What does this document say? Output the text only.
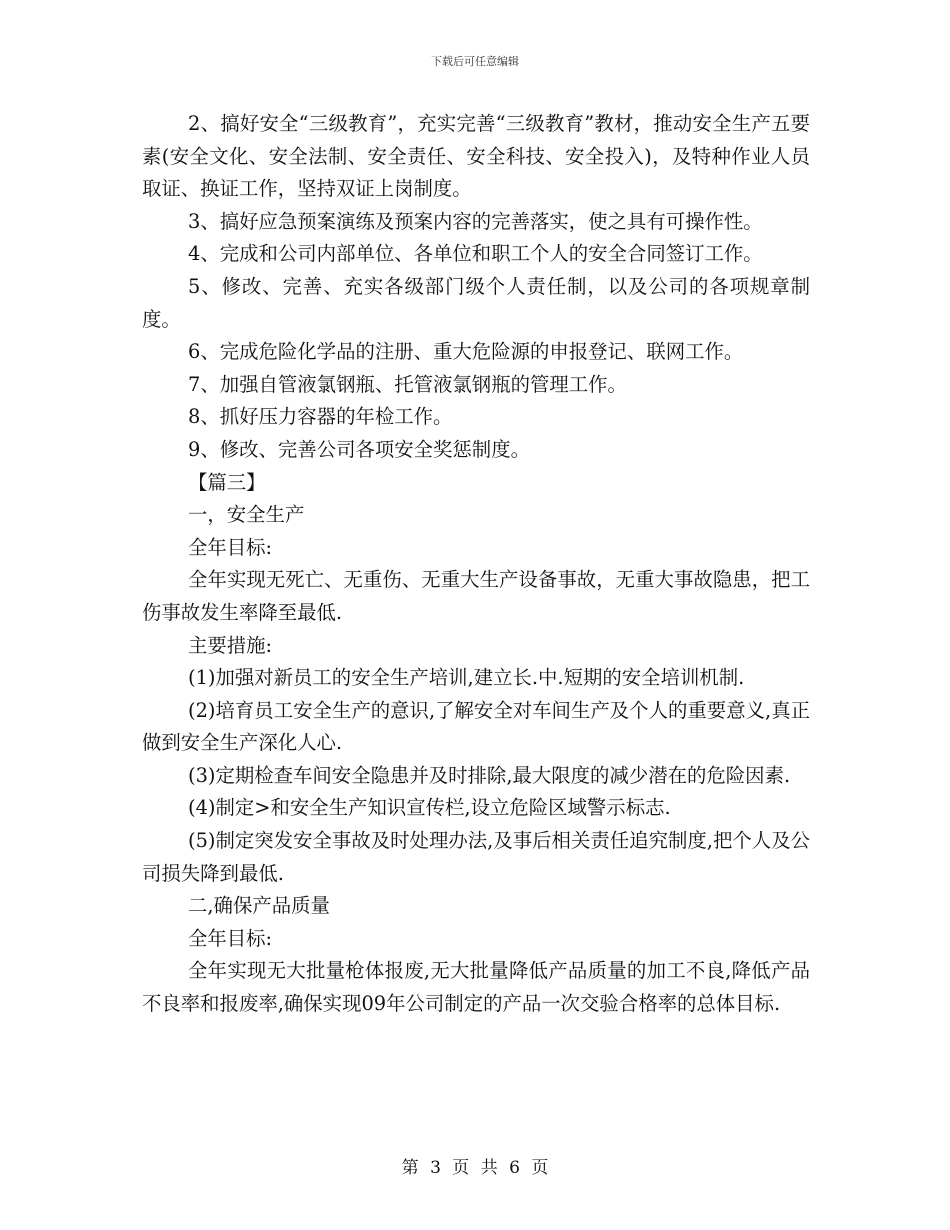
下载后可任意编辑

2、搞好安全“三级教育”，充实完善“三级教育”教材，推动安全生产五要素(安全文化、安全法制、安全责任、安全科技、安全投入)，及特种作业人员取证、换证工作，坚持双证上岗制度。

3、搞好应急预案演练及预案内容的完善落实，使之具有可操作性。

4、完成和公司内部单位、各单位和职工个人的安全合同签订工作。

5、修改、完善、充实各级部门级个人责任制，以及公司的各项规章制度。

6、完成危险化学品的注册、重大危险源的申报登记、联网工作。

7、加强自管液氯钢瓶、托管液氯钢瓶的管理工作。

8、抓好压力容器的年检工作。

9、修改、完善公司各项安全奖惩制度。

【篇三】

一，安全生产

全年目标:

全年实现无死亡、无重伤、无重大生产设备事故，无重大事故隐患，把工伤事故发生率降至最低.

主要措施:

(1)加强对新员工的安全生产培训,建立长.中.短期的安全培训机制.

(2)培育员工安全生产的意识,了解安全对车间生产及个人的重要意义,真正做到安全生产深化人心.

(3)定期检查车间安全隐患并及时排除,最大限度的减少潜在的危险因素.

(4)制定>和安全生产知识宣传栏,设立危险区域警示标志.

(5)制定突发安全事故及时处理办法,及事后相关责任追究制度,把个人及公司损失降到最低.

二,确保产品质量

全年目标:

全年实现无大批量枪体报废,无大批量降低产品质量的加工不良,降低产品不良率和报废率,确保实现09年公司制定的产品一次交验合格率的总体目标.

第 3 页 共 6 页
